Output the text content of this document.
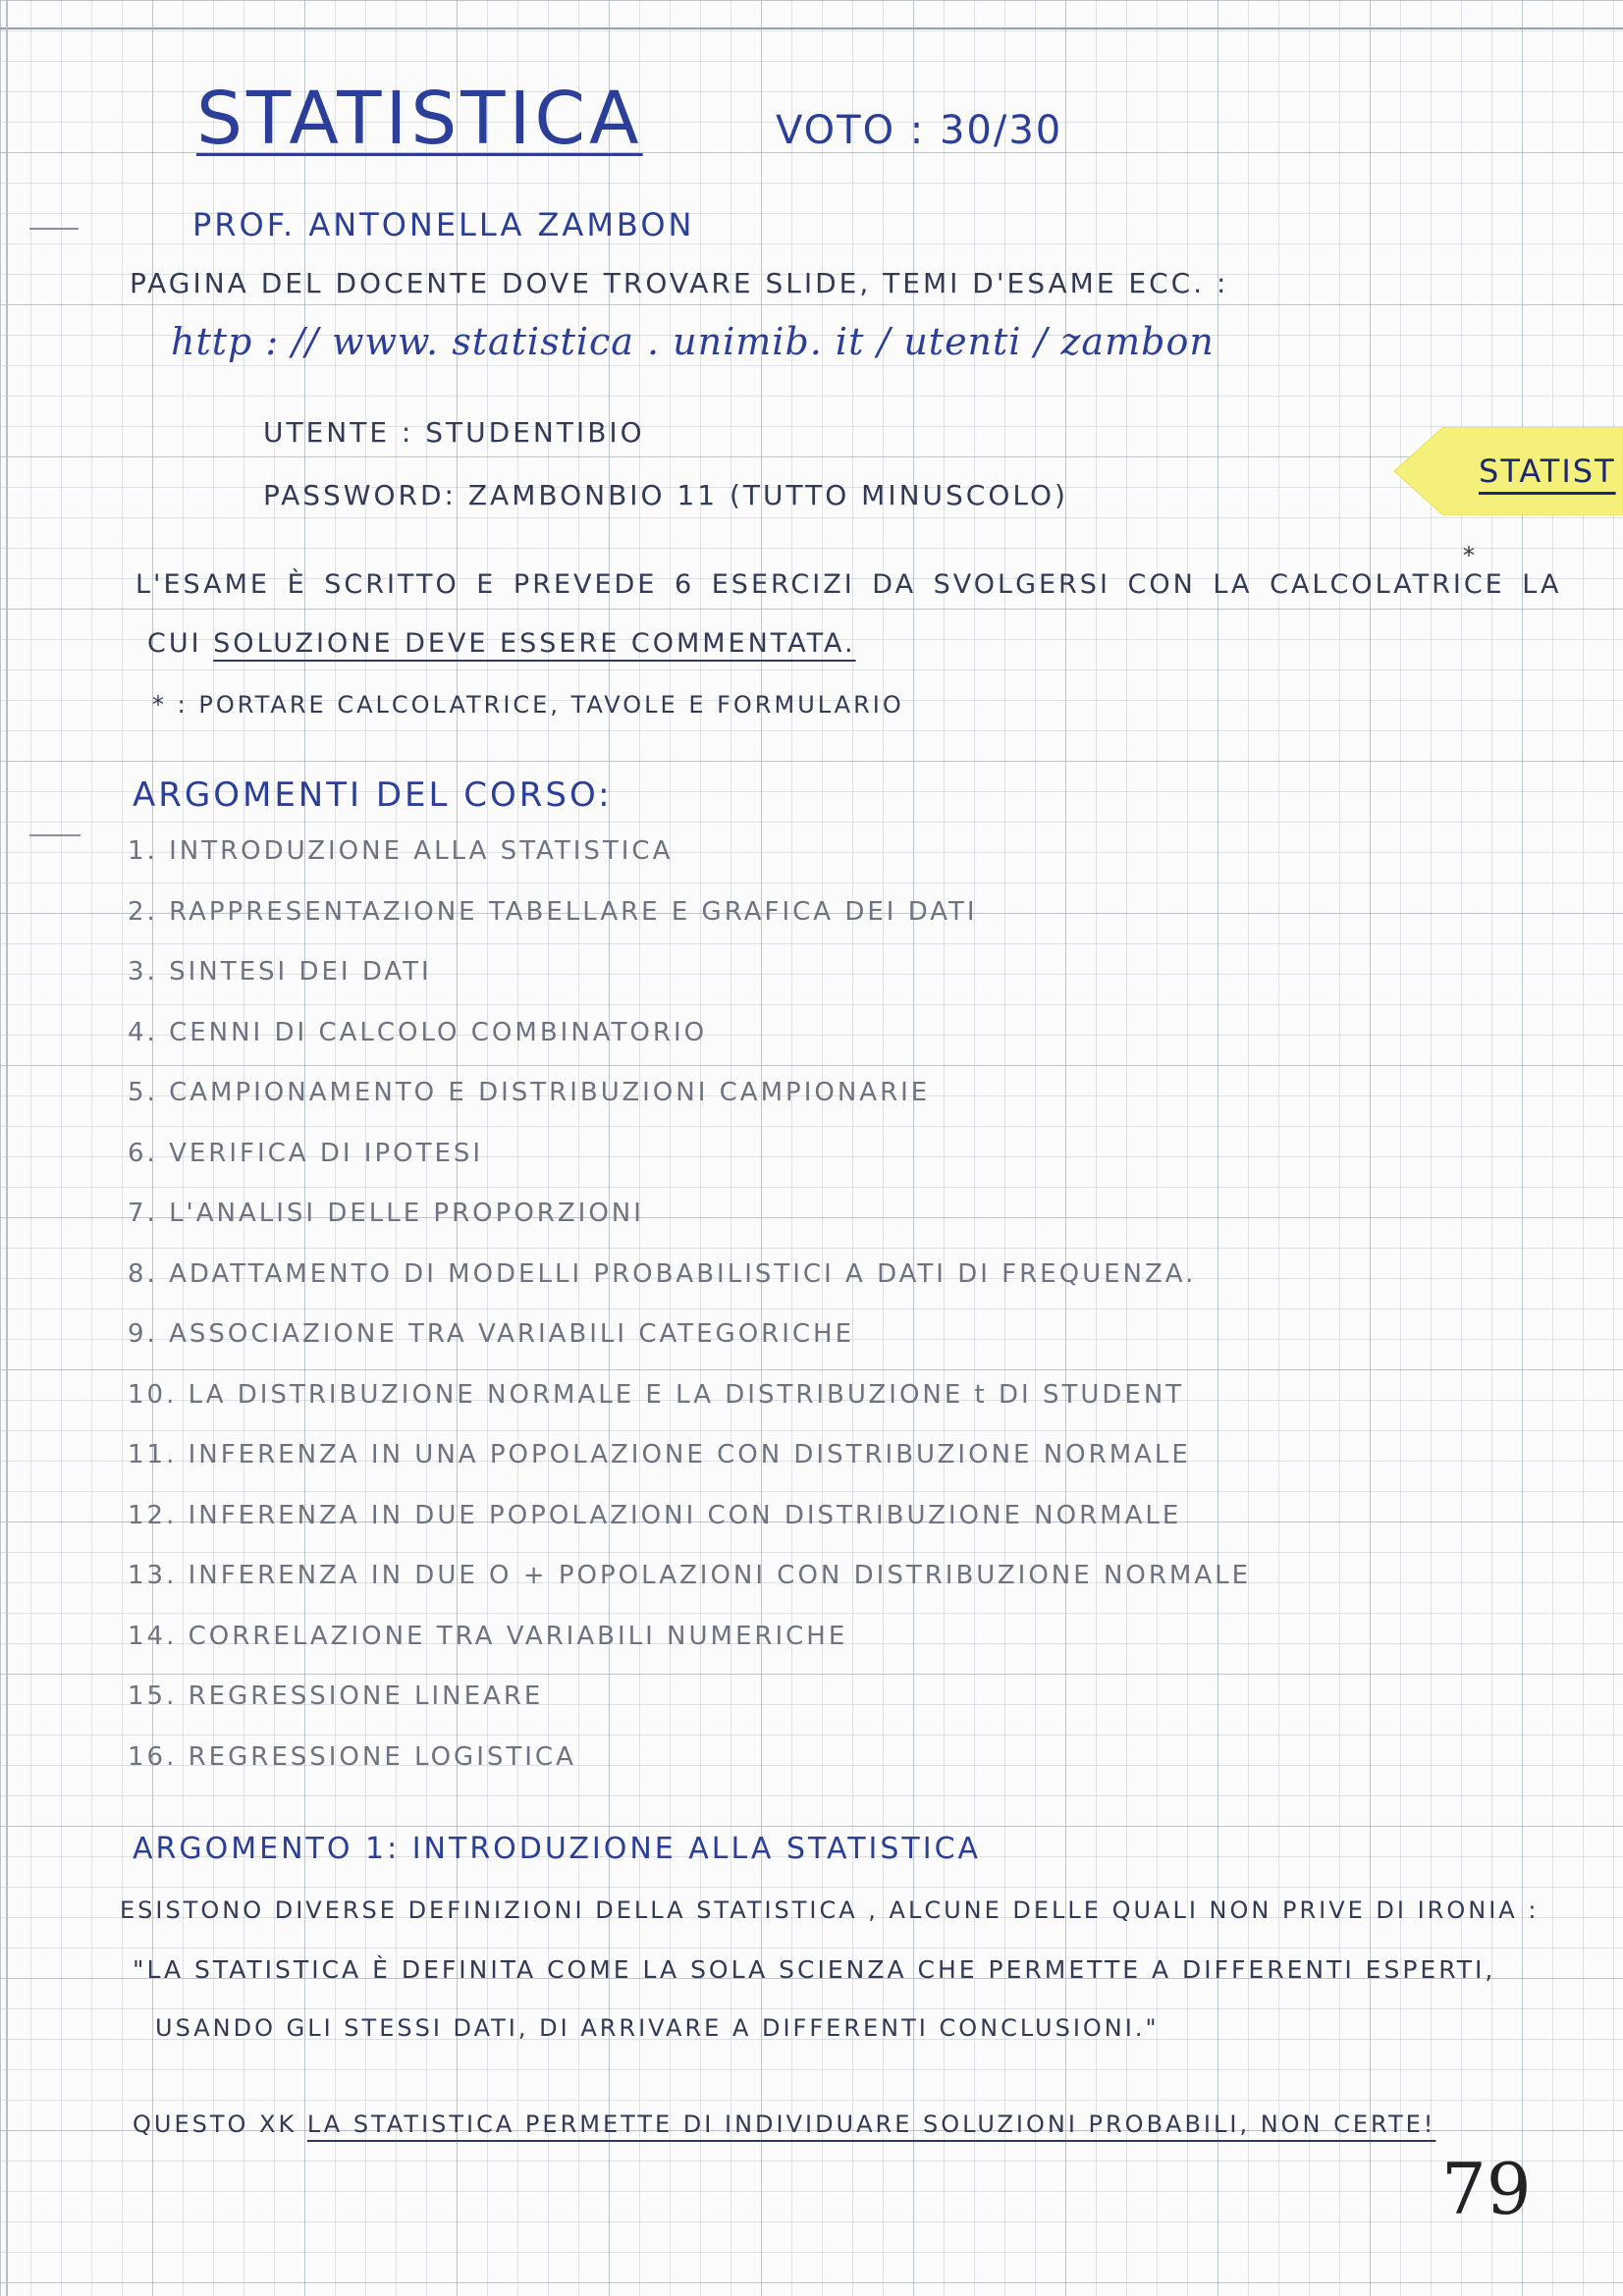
STATISTICA	VOTO : 30/30
PROF. ANTONELLA ZAMBON
PAGINA DEL DOCENTE DOVE TROVARE SLIDE, TEMI D'ESAME ECC. :
http : // www. statistica . unimib. it / utenti / zambon
UTENTE : STUDENTIBIO
PASSWORD: ZAMBONBIO 11 (TUTTO MINUSCOLO)
STATIST
L'ESAME È SCRITTO E PREVEDE 6 ESERCIZI DA SVOLGERSI CON LA CALCOLATRICE LA
*
CUI SOLUZIONE DEVE ESSERE COMMENTATA.
* : PORTARE CALCOLATRICE, TAVOLE E FORMULARIO
ARGOMENTI DEL CORSO:
1. INTRODUZIONE ALLA STATISTICA
2. RAPPRESENTAZIONE TABELLARE E GRAFICA DEI DATI
3. SINTESI DEI DATI
4. CENNI DI CALCOLO COMBINATORIO
5. CAMPIONAMENTO E DISTRIBUZIONI CAMPIONARIE
6. VERIFICA DI IPOTESI
7. L'ANALISI DELLE PROPORZIONI
8. ADATTAMENTO DI MODELLI PROBABILISTICI A DATI DI FREQUENZA.
9. ASSOCIAZIONE TRA VARIABILI CATEGORICHE
10. LA DISTRIBUZIONE NORMALE E LA DISTRIBUZIONE t DI STUDENT
11. INFERENZA IN UNA POPOLAZIONE CON DISTRIBUZIONE NORMALE
12. INFERENZA IN DUE POPOLAZIONI CON DISTRIBUZIONE NORMALE
13. INFERENZA IN DUE O + POPOLAZIONI CON DISTRIBUZIONE NORMALE
14. CORRELAZIONE TRA VARIABILI NUMERICHE
15. REGRESSIONE LINEARE
16. REGRESSIONE LOGISTICA
ARGOMENTO 1: INTRODUZIONE ALLA STATISTICA
ESISTONO DIVERSE DEFINIZIONI DELLA STATISTICA , ALCUNE DELLE QUALI NON PRIVE DI IRONIA :
"LA STATISTICA È DEFINITA COME LA SOLA SCIENZA CHE PERMETTE A DIFFERENTI ESPERTI,
USANDO GLI STESSI DATI, DI ARRIVARE A DIFFERENTI CONCLUSIONI."
QUESTO XK LA STATISTICA PERMETTE DI INDIVIDUARE SOLUZIONI PROBABILI, NON CERTE!
79
